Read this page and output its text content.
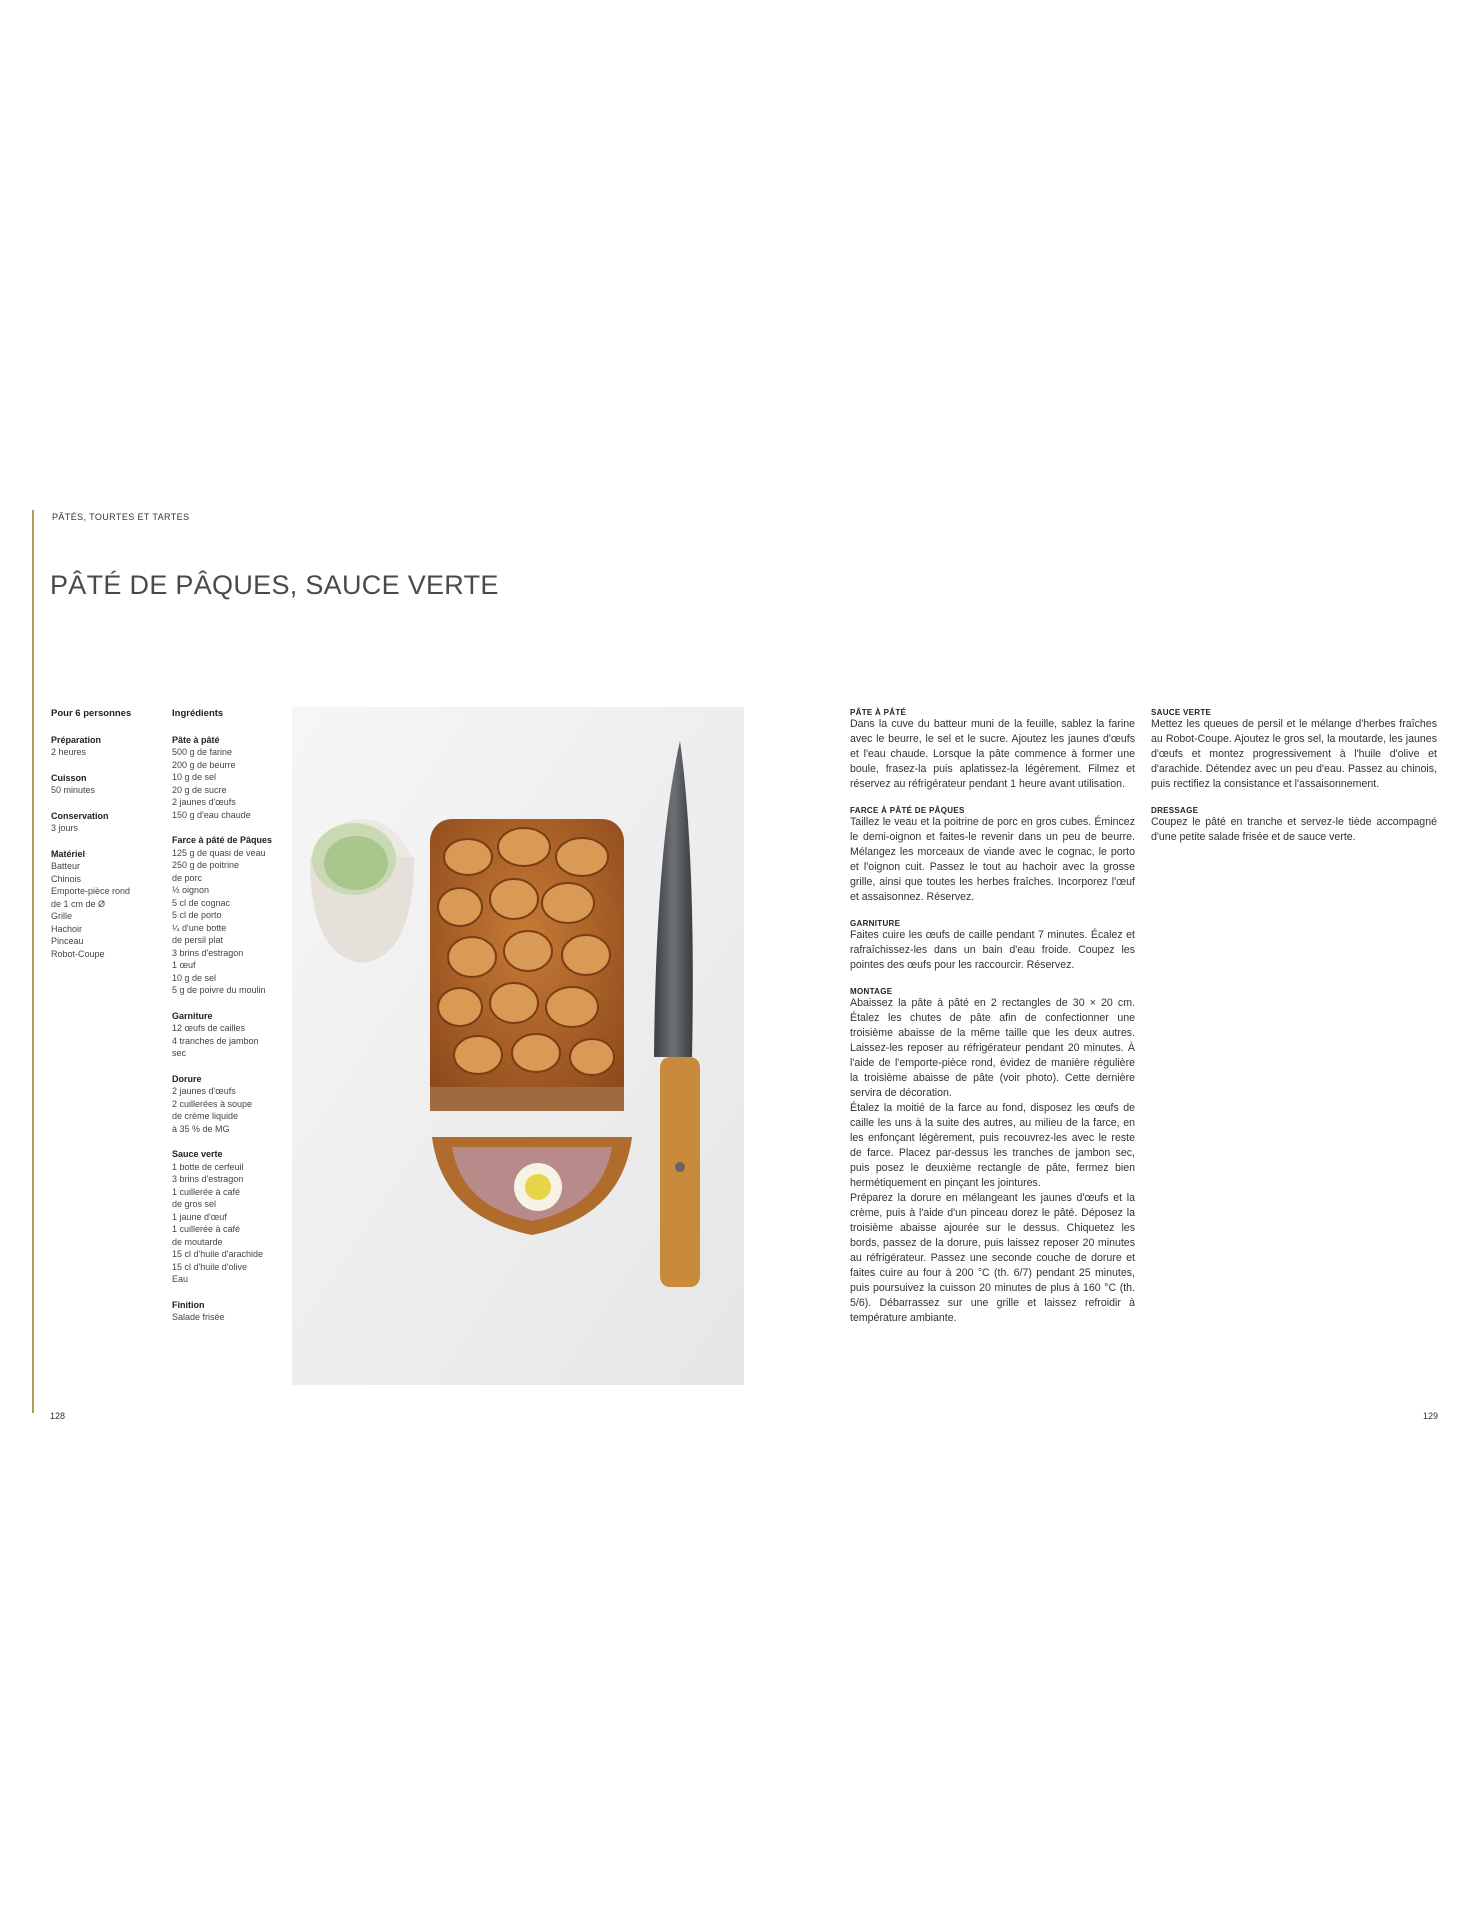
PÂTÉS, TOURTES ET TARTES
PÂTÉ DE PÂQUES, SAUCE VERTE
Pour 6 personnes
Préparation
2 heures
Cuisson
50 minutes
Conservation
3 jours
Matériel
Batteur
Chinois
Emporte-pièce rond
de 1 cm de Ø
Grille
Hachoir
Pinceau
Robot-Coupe
Ingrédients
Pâte à pâté
500 g de farine
200 g de beurre
10 g de sel
20 g de sucre
2 jaunes d'œufs
150 g d'eau chaude
Farce à pâté de Pâques
125 g de quasi de veau
250 g de poitrine
de porc
½ oignon
5 cl de cognac
5 cl de porto
¼ d'une botte
de persil plat
3 brins d'estragon
1 œuf
10 g de sel
5 g de poivre du moulin
Garniture
12 œufs de cailles
4 tranches de jambon
sec
Dorure
2 jaunes d'œufs
2 cuillerées à soupe
de crème liquide
à 35 % de MG
Sauce verte
1 botte de cerfeuil
3 brins d'estragon
1 cuillerée à café
de gros sel
1 jaune d'œuf
1 cuillerée à café
de moutarde
15 cl d'huile d'arachide
15 cl d'huile d'olive
Eau
Finition
Salade frisée
PÂTE À PÂTÉ
Dans la cuve du batteur muni de la feuille, sablez la farine avec le beurre, le sel et le sucre. Ajoutez les jaunes d'œufs et l'eau chaude. Lorsque la pâte commence à former une boule, frasez-la puis aplatissez-la légèrement. Filmez et réservez au réfrigérateur pendant 1 heure avant utilisation.
FARCE À PÂTÉ DE PÂQUES
Taillez le veau et la poitrine de porc en gros cubes. Émincez le demi-oignon et faites-le revenir dans un peu de beurre. Mélangez les morceaux de viande avec le cognac, le porto et l'oignon cuit. Passez le tout au hachoir avec la grosse grille, ainsi que toutes les herbes fraîches. Incorporez l'œuf et assaisonnez. Réservez.
GARNITURE
Faites cuire les œufs de caille pendant 7 minutes. Écalez et rafraîchissez-les dans un bain d'eau froide. Coupez les pointes des œufs pour les raccourcir. Réservez.
MONTAGE
Abaissez la pâte à pâté en 2 rectangles de 30 × 20 cm. Étalez les chutes de pâte afin de confectionner une troisième abaisse de la même taille que les deux autres. Laissez-les reposer au réfrigérateur pendant 20 minutes. À l'aide de l'emporte-pièce rond, évidez de manière régulière la troisième abaisse de pâte (voir photo). Cette dernière servira de décoration.
Étalez la moitié de la farce au fond, disposez les œufs de caille les uns à la suite des autres, au milieu de la farce, en les enfonçant légèrement, puis recouvrez-les avec le reste de farce. Placez par-dessus les tranches de jambon sec, puis posez le deuxième rectangle de pâte, fermez bien hermétiquement en pinçant les jointures.
Préparez la dorure en mélangeant les jaunes d'œufs et la crème, puis à l'aide d'un pinceau dorez le pâté. Déposez la troisième abaisse ajourée sur le dessus. Chiquetez les bords, passez de la dorure, puis laissez reposer 20 minutes au réfrigérateur. Passez une seconde couche de dorure et faites cuire au four à 200 °C (th. 6/7) pendant 25 minutes, puis poursuivez la cuisson 20 minutes de plus à 160 °C (th. 5/6). Débarrassez sur une grille et laissez refroidir à température ambiante.
SAUCE VERTE
Mettez les queues de persil et le mélange d'herbes fraîches au Robot-Coupe. Ajoutez le gros sel, la moutarde, les jaunes d'œufs et montez progressivement à l'huile d'olive et d'arachide. Détendez avec un peu d'eau. Passez au chinois, puis rectifiez la consistance et l'assaisonnement.
DRESSAGE
Coupez le pâté en tranche et servez-le tiède accompagné d'une petite salade frisée et de sauce verte.
128	129
